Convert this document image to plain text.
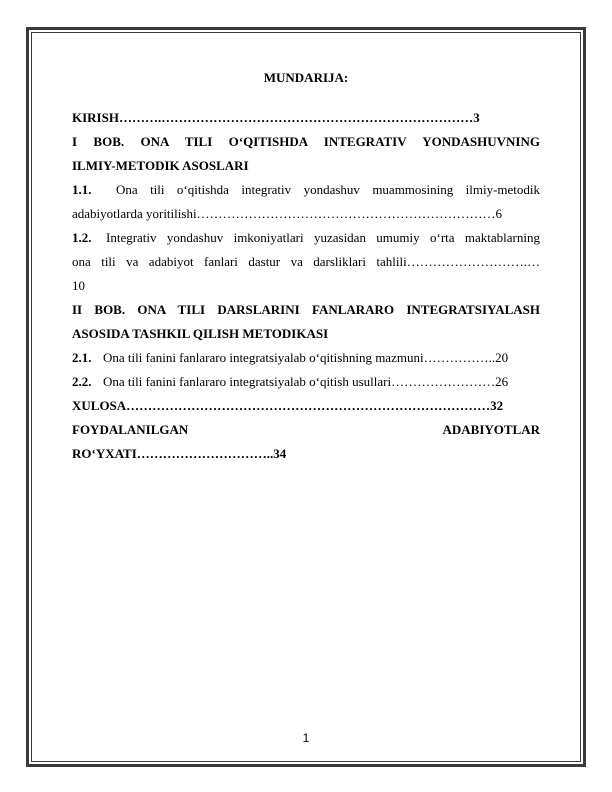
MUNDARIJA:

KIRISH……….………………………………………………………………3

I BOB. ONA TILI O‘QITISHDA INTEGRATIV YONDASHUVNING

ILMIY-METODIK ASOSLARI

1.1. Ona tili o‘qitishda integrativ yondashuv muammosining ilmiy-metodik

adabiyotlarda yoritilishi……………………………………………………………6

1.2. Integrativ yondashuv imkoniyatlari yuzasidan umumiy o‘rta maktablarning

ona tili va adabiyot fanlari dastur va darsliklari tahlili……………………….…

10

II BOB. ONA TILI DARSLARINI FANLARARO INTEGRATSIYALASH

ASOSIDA TASHKIL QILISH METODIKASI

2.1. Ona tili fanini fanlararo integratsiyalab o‘qitishning mazmuni……………..20

2.2. Ona tili fanini fanlararo integratsiyalab o‘qitish usullari……………………26

XULOSA…………………………………………………………………………32

FOYDALANILGAN	ADABIYOTLAR

RO‘YXATI…………………………..34

1
